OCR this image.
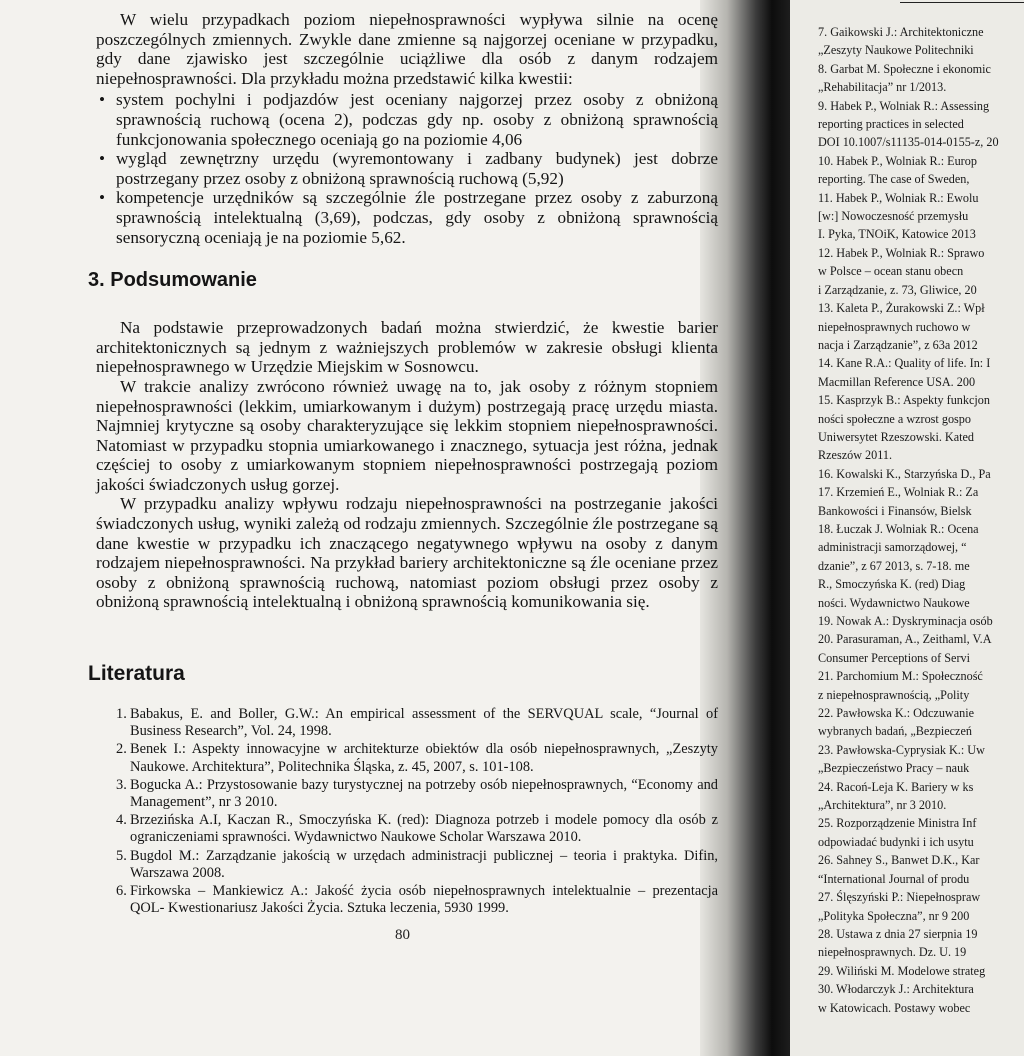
W wielu przypadkach poziom niepełnosprawności wypływa silnie na ocenę poszczególnych zmiennych. Zwykle dane zmienne są najgorzej oceniane w przypadku, gdy dane zjawisko jest szczególnie uciążliwe dla osób z danym rodzajem niepełnosprawności. Dla przykładu można przedstawić kilka kwestii:

• system pochylni i podjazdów jest oceniany najgorzej przez osoby z obniżoną sprawnością ruchową (ocena 2), podczas gdy np. osoby z obniżoną sprawnością funkcjonowania społecznego oceniają go na poziomie 4,06
• wygląd zewnętrzny urzędu (wyremontowany i zadbany budynek) jest dobrze postrzegany przez osoby z obniżoną sprawnością ruchową (5,92)
• kompetencje urzędników są szczególnie źle postrzegane przez osoby z zaburzoną sprawnością intelektualną (3,69), podczas, gdy osoby z obniżoną sprawnością sensoryczną oceniają je na poziomie 5,62.
3. Podsumowanie

Na podstawie przeprowadzonych badań można stwierdzić, że kwestie barier architektonicznych są jednym z ważniejszych problemów w zakresie obsługi klienta niepełnosprawnego w Urzędzie Miejskim w Sosnowcu.

W trakcie analizy zwrócono również uwagę na to, jak osoby z różnym stopniem niepełnosprawności (lekkim, umiarkowanym i dużym) postrzegają pracę urzędu miasta. Najmniej krytyczne są osoby charakteryzujące się lekkim stopniem niepełnosprawności. Natomiast w przypadku stopnia umiarkowanego i znacznego, sytuacja jest różna, jednak częściej to osoby z umiarkowanym stopniem niepełnosprawności postrzegają poziom jakości świadczonych usług gorzej.

W przypadku analizy wpływu rodzaju niepełnosprawności na postrzeganie jakości świadczonych usług, wyniki zależą od rodzaju zmiennych. Szczególnie źle postrzegane są dane kwestie w przypadku ich znaczącego negatywnego wpływu na osoby z danym rodzajem niepełnosprawności. Na przykład bariery architektoniczne są źle oceniane przez osoby z obniżoną sprawnością ruchową, natomiast poziom obsługi przez osoby z obniżoną sprawnością intelektualną i obniżoną sprawnością komunikowania się.

Literatura
1. Babakus, E. and Boller, G.W.: An empirical assessment of the SERVQUAL scale, “Journal of Business Research”, Vol. 24, 1998.
2. Benek I.: Aspekty innowacyjne w architekturze obiektów dla osób niepełnosprawnych, „Zeszyty Naukowe. Architektura”, Politechnika Śląska, z. 45, 2007, s. 101-108.
3. Bogucka A.: Przystosowanie bazy turystycznej na potrzeby osób niepełnosprawnych, “Economy and Management”, nr 3 2010.
4. Brzezińska A.I, Kaczan R., Smoczyńska K. (red): Diagnoza potrzeb i modele pomocy dla osób z ograniczeniami sprawności. Wydawnictwo Naukowe Scholar Warszawa 2010.
5. Bugdol M.: Zarządzanie jakością w urzędach administracji publicznej – teoria i praktyka. Difin, Warszawa 2008.
6. Firkowska – Mankiewicz A.: Jakość życia osób niepełnosprawnych intelektualnie – prezentacja QOL- Kwestionariusz Jakości Życia. Sztuka leczenia, 5930 1999.
80
7. Gaikowski J.: Architektoniczne
„Zeszyty Naukowe Politechniki
8. Garbat M. Społeczne i ekonomic
„Rehabilitacja” nr 1/2013.
9. Habek P., Wolniak R.: Assessing
reporting practices in selected
DOI 10.1007/s11135-014-0155-z, 20
10. Habek P., Wolniak R.: Europ
reporting. The case of Sweden,
11. Habek P., Wolniak R.: Ewolu
[w:] Nowoczesność przemysłu
I. Pyka, TNOiK, Katowice 2013
12. Habek P., Wolniak R.: Sprawo
w Polsce – ocean stanu obecn
i Zarządzanie, z. 73, Gliwice, 20
13. Kaleta P., Żurakowski Z.: Wpł
niepełnosprawnych ruchowo w
nacja i Zarządzanie”, z 63a 2012
14. Kane R.A.: Quality of life. In: I
Macmillan Reference USA. 200
15. Kasprzyk B.: Aspekty funkcjon
ności społeczne a wzrost gospo
Uniwersytet Rzeszowski. Kated
Rzeszów 2011.
16. Kowalski K., Starzyńska D., Pa
17. Krzemień E., Wolniak R.: Za
Bankowości i Finansów, Bielsk
18. Łuczak J. Wolniak R.: Ocena
administracji samorządowej, “
dzanie”, z 67 2013, s. 7-18. me
R., Smoczyńska K. (red) Diag
ności. Wydawnictwo Naukowe
19. Nowak A.: Dyskryminacja osób
20. Parasuraman, A., Zeithaml, V.A
Consumer Perceptions of Servi
21. Parchomium M.: Społeczność
z niepełnosprawnością, „Polity
22. Pawłowska K.: Odczuwanie
wybranych badań, „Bezpieczeń
23. Pawłowska-Cyprysiak K.: Uw
„Bezpieczeństwo Pracy – nauk
24. Racoń-Leja K. Bariery w ks
„Architektura”, nr 3 2010.
25. Rozporządzenie Ministra Inf
odpowiadać budynki i ich usytu
26. Sahney S., Banwet D.K., Kar
“International Journal of produ
27. Ślęszyński P.: Niepełnospraw
„Polityka Społeczna”, nr 9 200
28. Ustawa z dnia 27 sierpnia 19
niepełnosprawnych. Dz. U. 19
29. Wiliński M. Modelowe strateg
30. Włodarczyk J.: Architektura
w Katowicach. Postawy wobec
